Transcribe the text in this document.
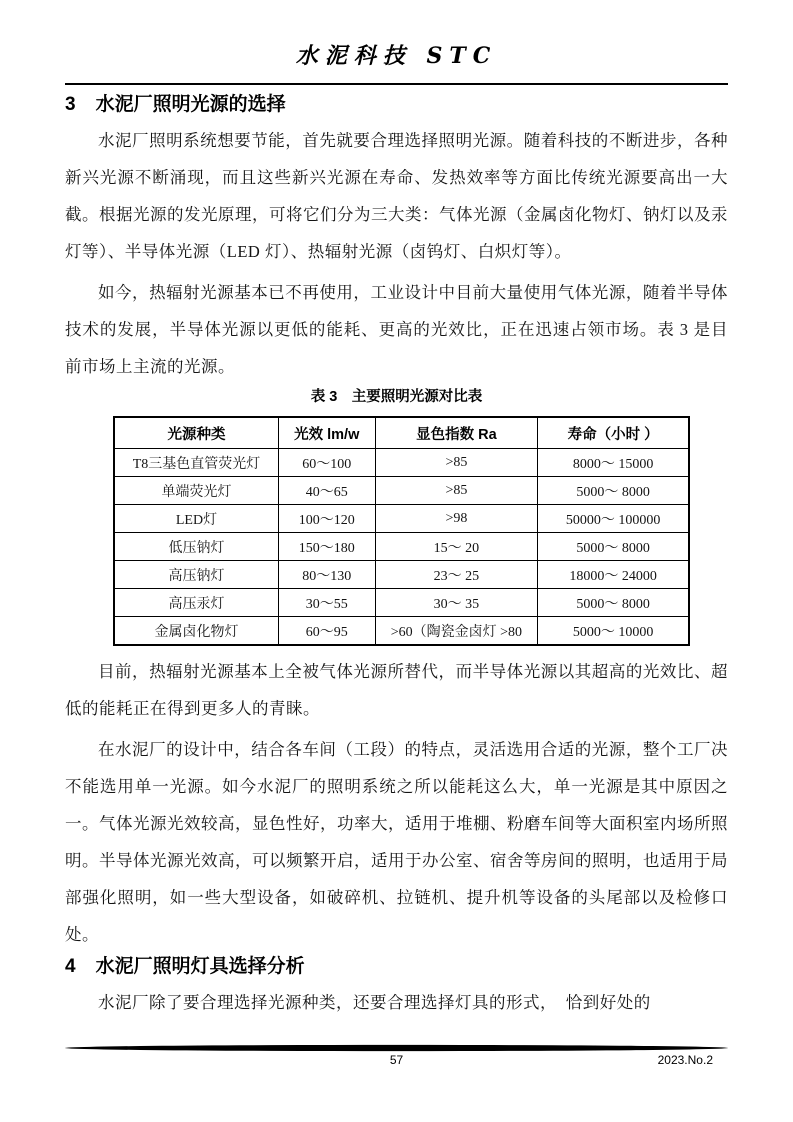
水泥科技 STC
3 水泥厂照明光源的选择

水泥厂照明系统想要节能，首先就要合理选择照明光源。随着科技的不断进步，各种新兴光源不断涌现，而且这些新兴光源在寿命、发热效率等方面比传统光源要高出一大截。根据光源的发光原理，可将它们分为三大类：气体光源（金属卤化物灯、钠灯以及汞灯等）、半导体光源（LED 灯）、热辐射光源（卤钨灯、白炽灯等）。

如今，热辐射光源基本已不再使用，工业设计中目前大量使用气体光源，随着半导体技术的发展，半导体光源以更低的能耗、更高的光效比，正在迅速占领市场。表 3 是目前市场上主流的光源。

表 3　主要照明光源对比表
光源种类	光效 lm/w	显色指数 Ra	寿命（小时 ）
T8三基色直管荧光灯	60～100	>85	8000～ 15000
单端荧光灯	40～65	>85	5000～ 8000
LED灯	100～120	>98	50000～ 100000
低压钠灯	150～180	15～ 20	5000～ 8000
高压钠灯	80～130	23～ 25	18000～ 24000
高压汞灯	30～55	30～ 35	5000～ 8000
金属卤化物灯	60～95	>60（陶瓷金卤灯 >80	5000～ 10000

目前，热辐射光源基本上全被气体光源所替代，而半导体光源以其超高的光效比、超低的能耗正在得到更多人的青睐。

在水泥厂的设计中，结合各车间（工段）的特点，灵活选用合适的光源，整个工厂决不能选用单一光源。如今水泥厂的照明系统之所以能耗这么大，单一光源是其中原因之一。气体光源光效较高，显色性好，功率大，适用于堆棚、粉磨车间等大面积室内场所照明。半导体光源光效高，可以频繁开启，适用于办公室、宿舍等房间的照明，也适用于局部强化照明，如一些大型设备，如破碎机、拉链机、提升机等设备的头尾部以及检修口处。

4 水泥厂照明灯具选择分析

水泥厂除了要合理选择光源种类，还要合理选择灯具的形式，　恰到好处的

57	2023.No.2
